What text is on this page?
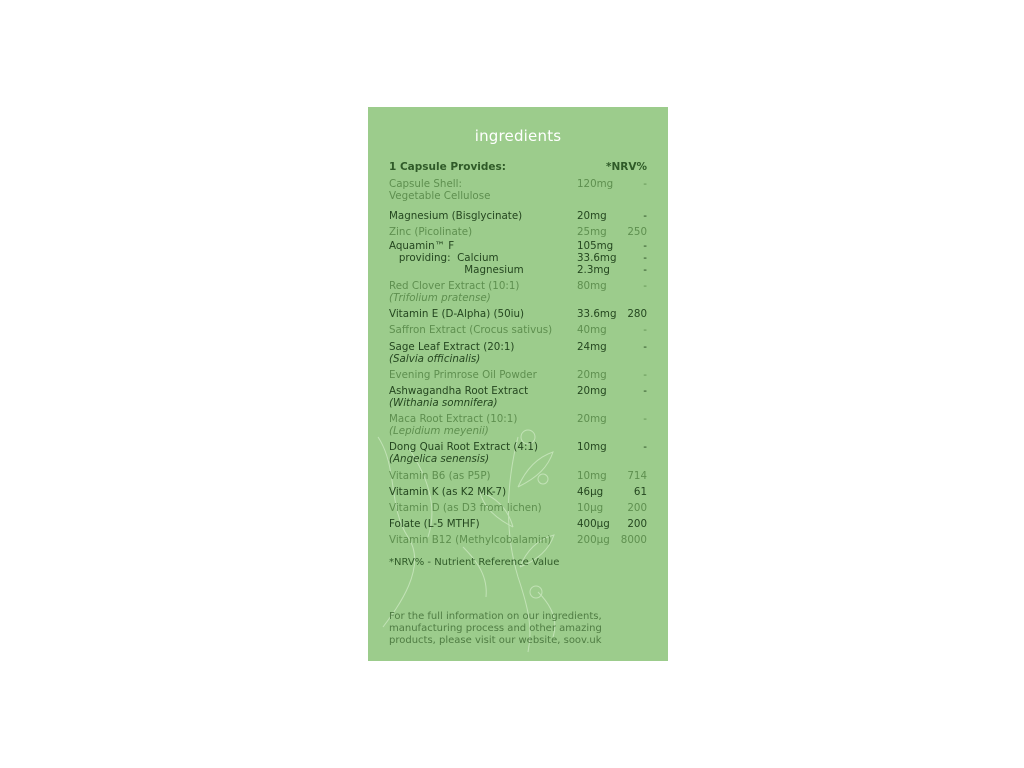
ingredients
1 Capsule Provides:	*NRV%
Capsule Shell:
Vegetable Cellulose
120mg	-
Magnesium (Bisglycinate)	20mg	-
Zinc (Picolinate)	25mg	250
Aquamin™ F	105mg	-
providing:  Calcium	33.6mg	-
Magnesium	2.3mg	-
Red Clover Extract (10:1)
(Trifolium pratense)
80mg	-
Vitamin E (D-Alpha) (50iu)	33.6mg	280
Saffron Extract (Crocus sativus) 40mg	-
Sage Leaf Extract (20:1)
(Salvia officinalis)
24mg	-
Evening Primrose Oil Powder	20mg	-
Ashwagandha Root Extract
(Withania somnifera)
20mg	-
Maca Root Extract (10:1)
(Lepidium meyenii)
20mg	-
Dong Quai Root Extract (4:1)
(Angelica senensis)
10mg	-
Vitamin B6 (as P5P)	10mg	714
Vitamin K (as K2 MK-7)	46µg	61
Vitamin D (as D3 from lichen)	10µg	200
Folate (L-5 MTHF)	400µg	200
Vitamin B12 (Methylcobalamin) 200µg	8000
*NRV% - Nutrient Reference Value
For the full information on our ingredients,
manufacturing process and other amazing
products, please visit our website, soov.uk
